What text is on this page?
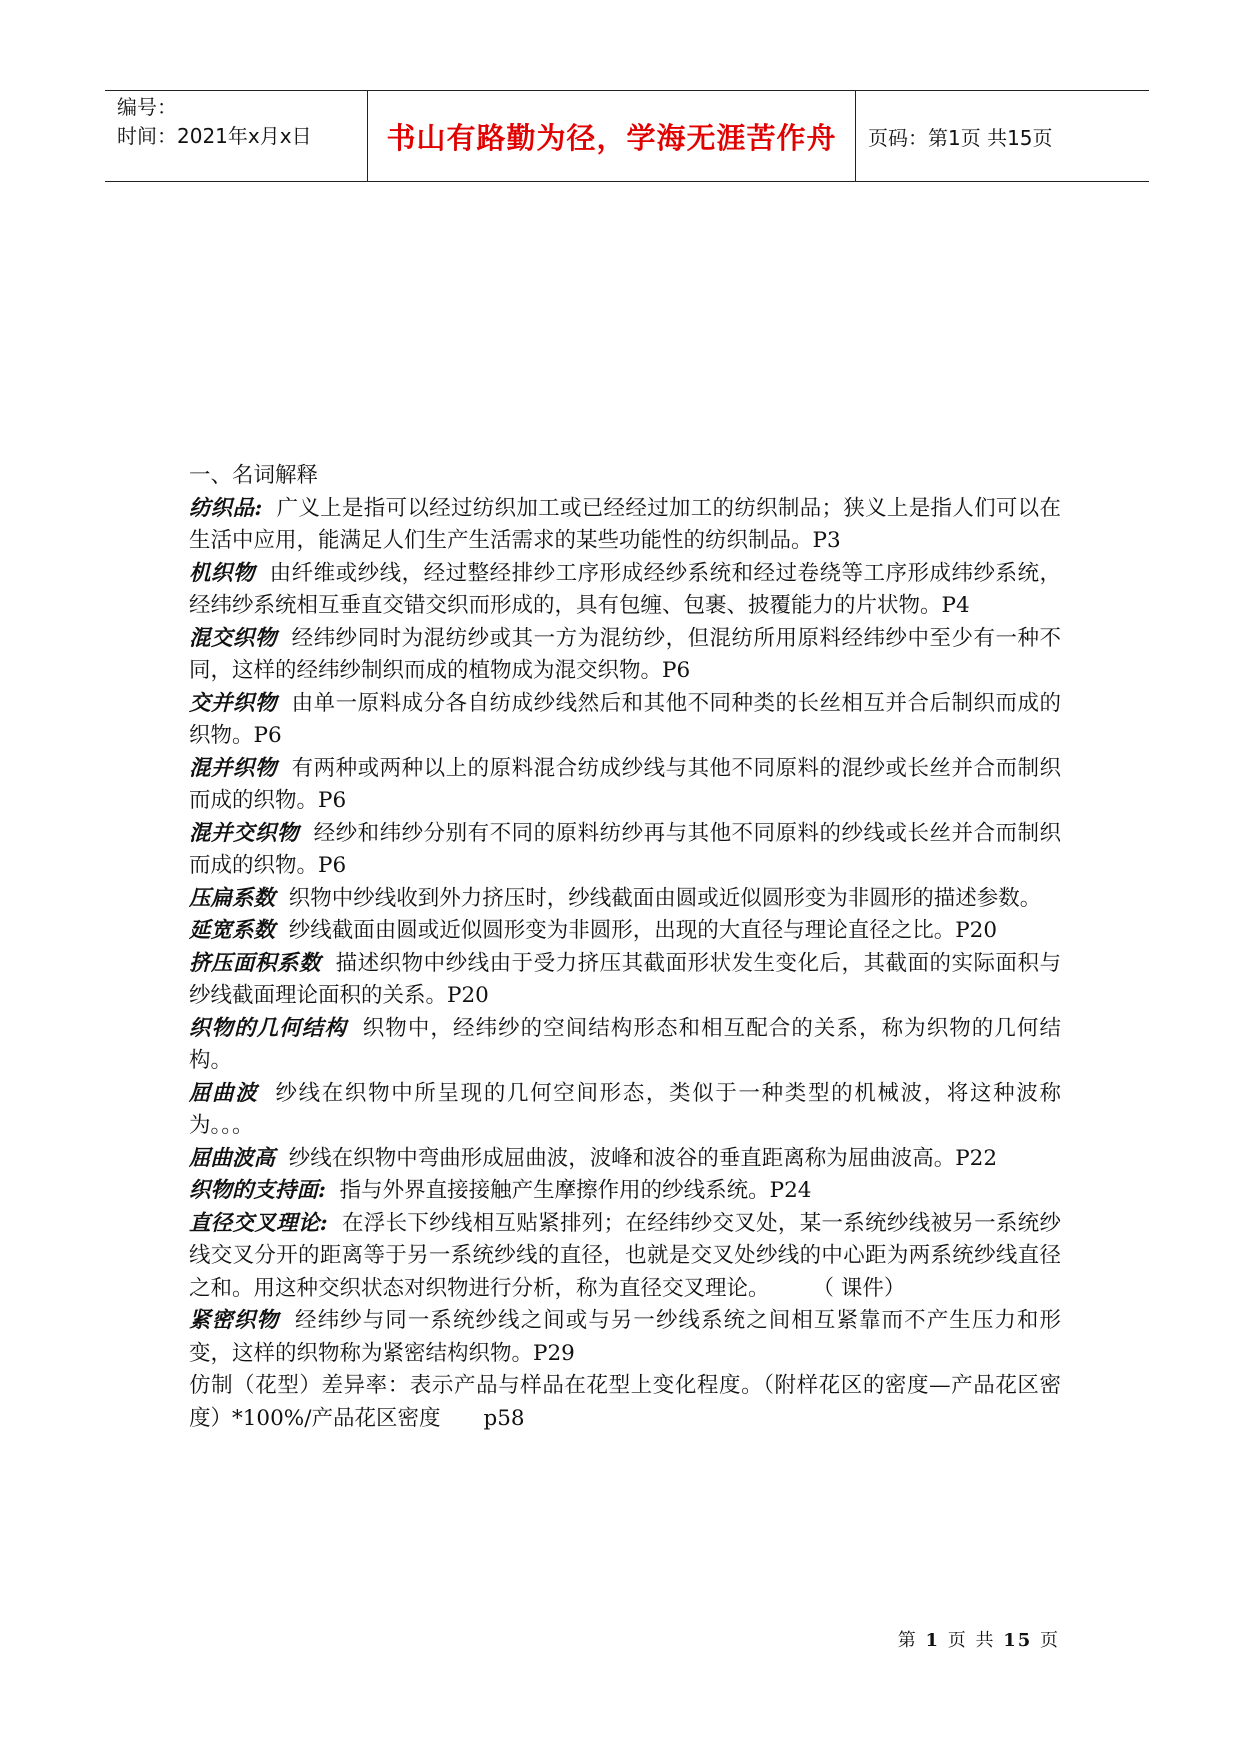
编号：
时间：2021年x月x日	书山有路勤为径，学海无涯苦作舟 页码：第1页 共15页

一、名词解释

纺织品: 广义上是指可以经过纺织加工或已经经过加工的纺织制品；狭义上是指人们可以在生活中应用，能满足人们生产生活需求的某些功能性的纺织制品。P3

机织物 由纤维或纱线，经过整经排纱工序形成经纱系统和经过卷绕等工序形成纬纱系统，经纬纱系统相互垂直交错交织而形成的，具有包缠、包裹、披覆能力的片状物。P4

混交织物 经纬纱同时为混纺纱或其一方为混纺纱，但混纺所用原料经纬纱中至少有一种不同，这样的经纬纱制织而成的植物成为混交织物。P6

交并织物 由单一原料成分各自纺成纱线然后和其他不同种类的长丝相互并合后制织而成的织物。P6

混并织物 有两种或两种以上的原料混合纺成纱线与其他不同原料的混纱或长丝并合而制织而成的织物。P6

混并交织物 经纱和纬纱分别有不同的原料纺纱再与其他不同原料的纱线或长丝并合而制织而成的织物。P6

压扁系数 织物中纱线收到外力挤压时，纱线截面由圆或近似圆形变为非圆形的描述参数。

延宽系数 纱线截面由圆或近似圆形变为非圆形，出现的大直径与理论直径之比。P20

挤压面积系数 描述织物中纱线由于受力挤压其截面形状发生变化后，其截面的实际面积与纱线截面理论面积的关系。P20

织物的几何结构 织物中，经纬纱的空间结构形态和相互配合的关系，称为织物的几何结构。

屈曲波 纱线在织物中所呈现的几何空间形态，类似于一种类型的机械波，将这种波称为。。。

屈曲波高 纱线在织物中弯曲形成屈曲波，波峰和波谷的垂直距离称为屈曲波高。P22

织物的支持面: 指与外界直接接触产生摩擦作用的纱线系统。P24

直径交叉理论: 在浮长下纱线相互贴紧排列；在经纬纱交叉处，某一系统纱线被另一系统纱线交叉分开的距离等于另一系统纱线的直径，也就是交叉处纱线的中心距为两系统纱线直径之和。用这种交织状态对织物进行分析，称为直径交叉理论。　　　（ 课件）

紧密织物 经纬纱与同一系统纱线之间或与另一纱线系统之间相互紧靠而不产生压力和形变，这样的织物称为紧密结构织物。P29

仿制（花型）差异率：表示产品与样品在花型上变化程度。（附样花区的密度—产品花区密度）*100%/产品花区密度　　p58

第 1 页 共 15 页
